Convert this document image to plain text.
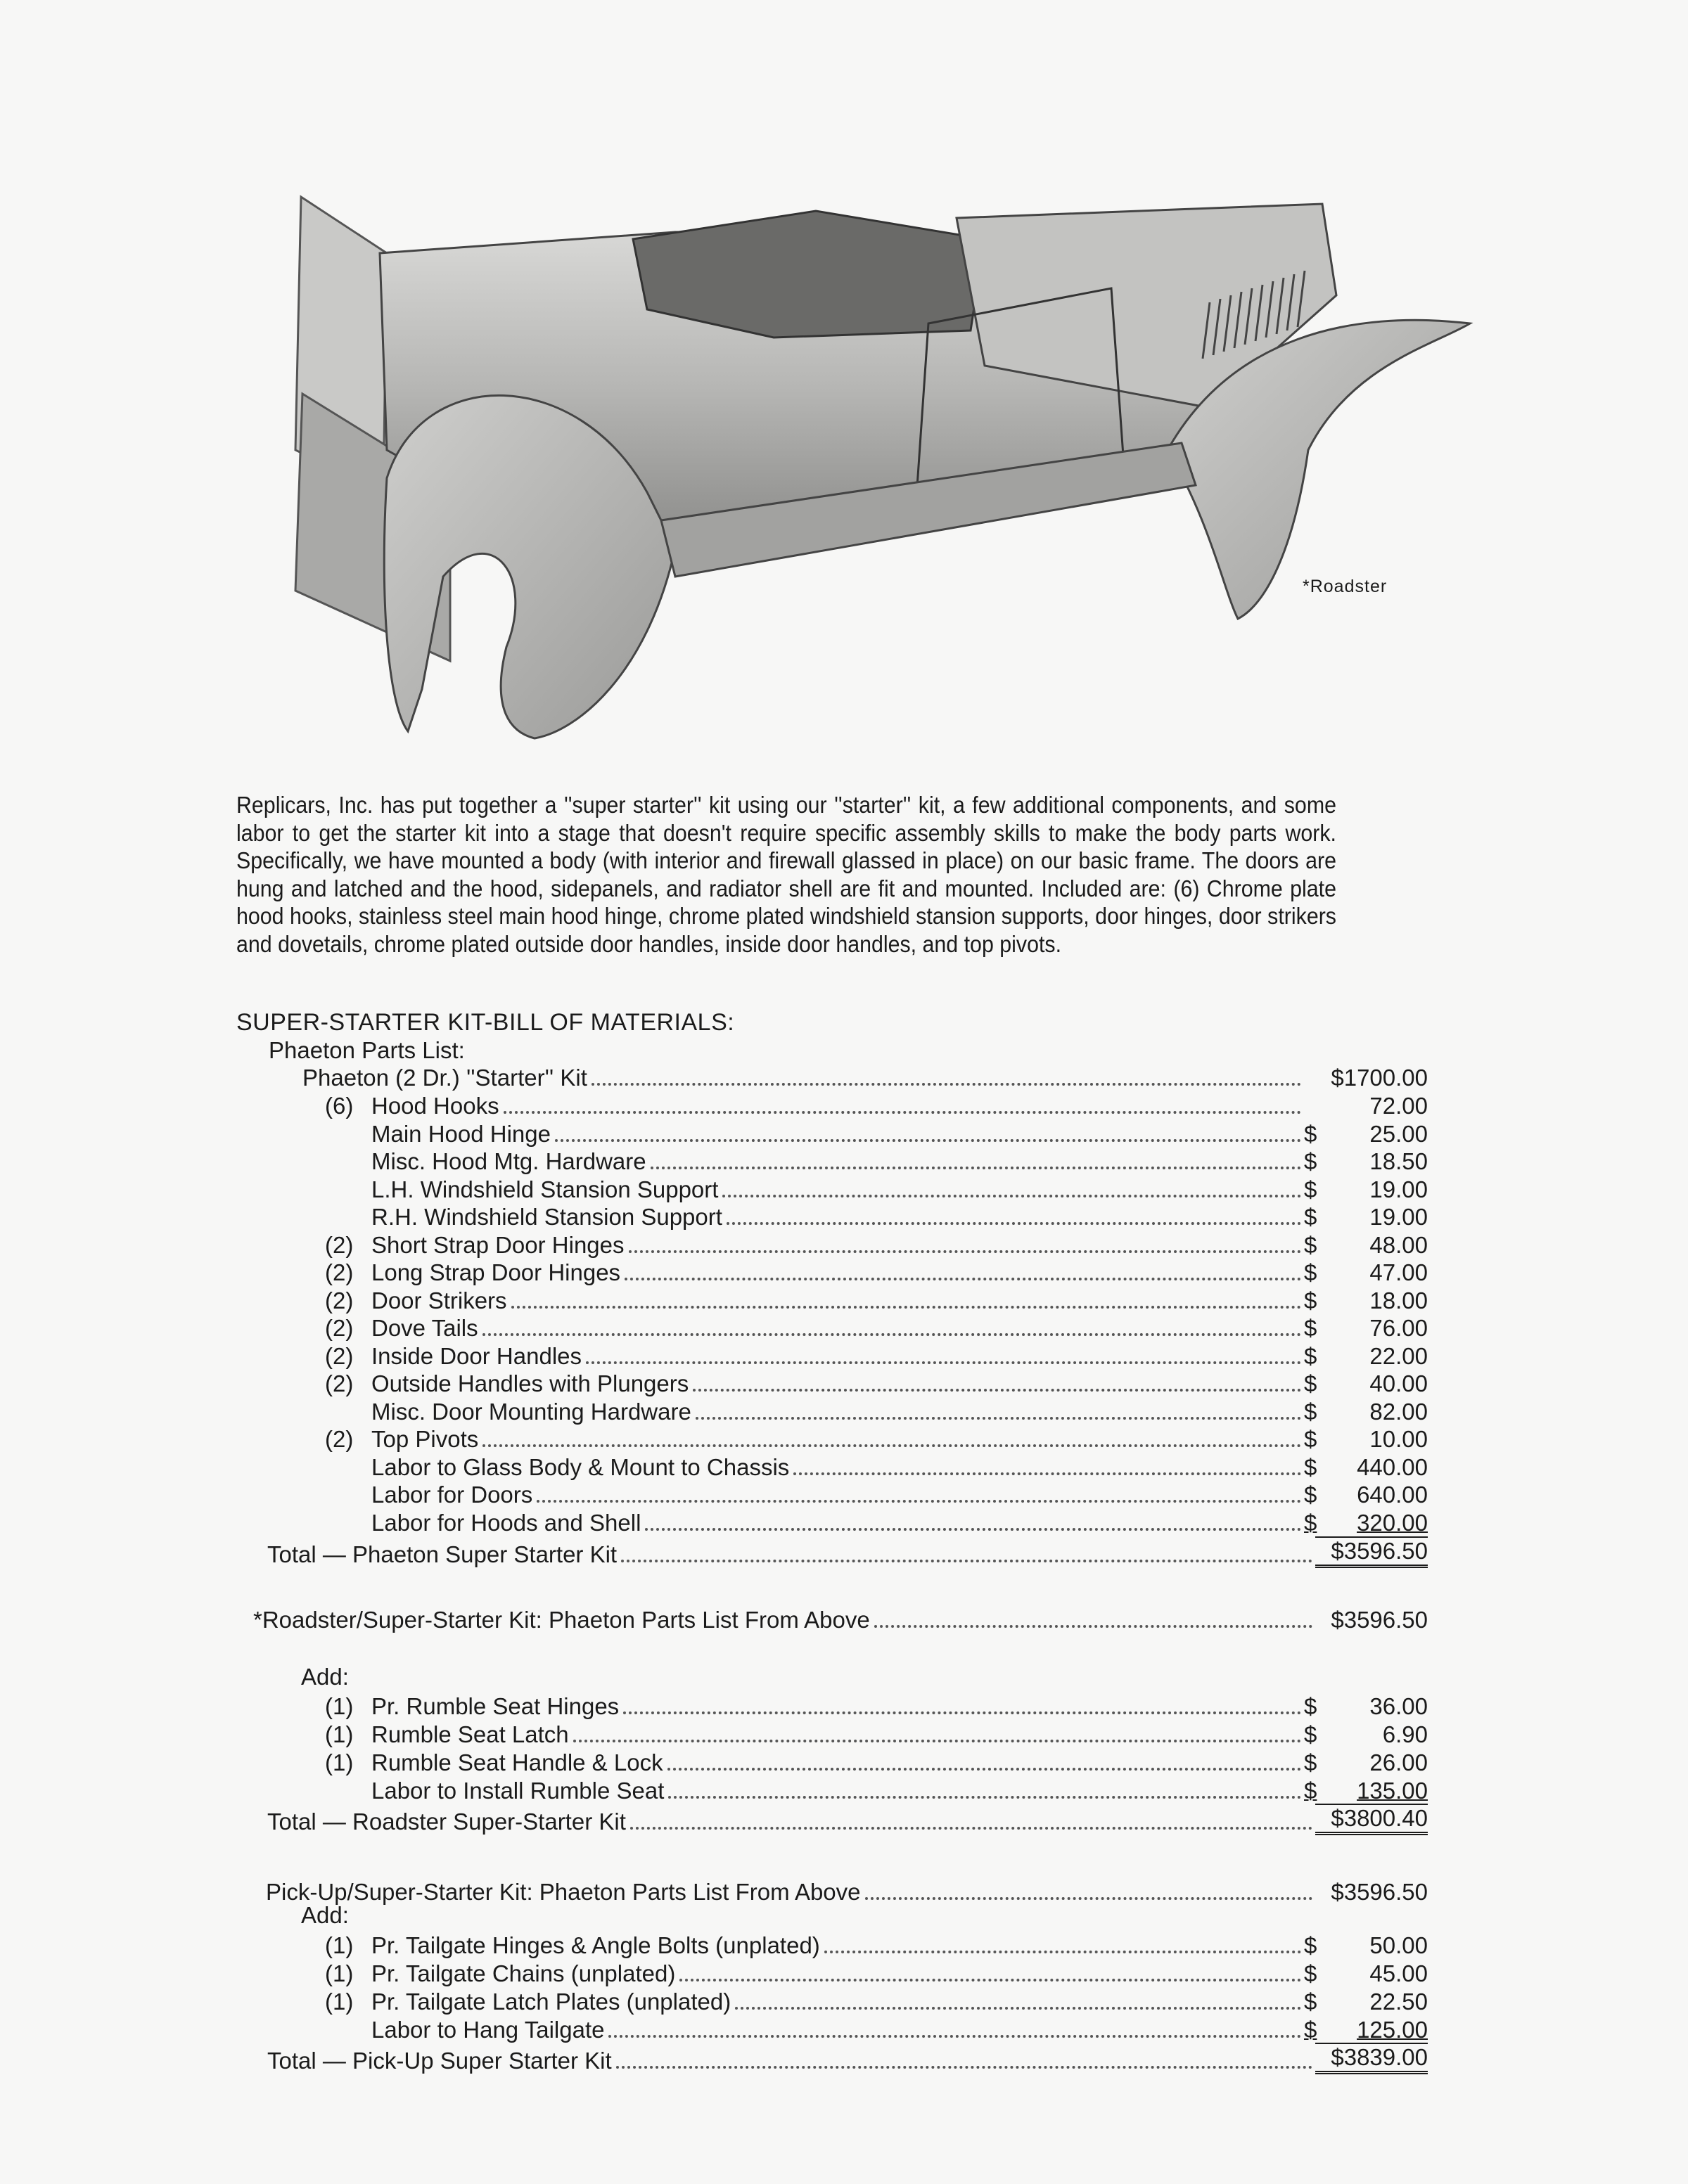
*Roadster

Replicars, Inc. has put together a ''super starter'' kit using our ''starter'' kit, a few additional components, and some labor to get the starter kit into a stage that doesn't require specific assembly skills to make the body parts work. Specifically, we have mounted a body (with interior and firewall glassed in place) on our basic frame. The doors are hung and latched and the hood, sidepanels, and radiator shell are fit and mounted. Included are: (6) Chrome plate hood hooks, stainless steel main hood hinge, chrome plated windshield stansion supports, door hinges, door strikers and dovetails, chrome plated outside door handles, inside door handles, and top pivots.

SUPER-STARTER KIT-BILL OF MATERIALS:
Phaeton Parts List:
Phaeton (2 Dr.) ''Starter'' Kit	$1700.00
(6) Hood Hooks	72.00
Main Hood Hinge	$	25.00
Misc. Hood Mtg. Hardware	$	18.50
L.H. Windshield Stansion Support	$	19.00
R.H. Windshield Stansion Support	$	19.00
(2) Short Strap Door Hinges	$	48.00
(2) Long Strap Door Hinges	$	47.00
(2) Door Strikers	$	18.00
(2) Dove Tails	$	76.00
(2) Inside Door Handles	$	22.00
(2) Outside Handles with Plungers	$	40.00
Misc. Door Mounting Hardware	$	82.00
(2) Top Pivots	$	10.00
Labor to Glass Body & Mount to Chassis	$	440.00
Labor for Doors	$	640.00
Labor for Hoods and Shell	$	320.00
Total — Phaeton Super Starter Kit	$3596.50
*Roadster/Super-Starter Kit: Phaeton Parts List From Above	$3596.50
Add:
(1) Pr. Rumble Seat Hinges	$	36.00
(1) Rumble Seat Latch	$	6.90
(1) Rumble Seat Handle & Lock	$	26.00
Labor to Install Rumble Seat	$	135.00
Total — Roadster Super-Starter Kit	$3800.40
Pick-Up/Super-Starter Kit: Phaeton Parts List From Above	$3596.50
Add:
(1) Pr. Tailgate Hinges & Angle Bolts (unplated)	$	50.00
(1) Pr. Tailgate Chains (unplated)	$	45.00
(1) Pr. Tailgate Latch Plates (unplated)	$	22.50
Labor to Hang Tailgate	$	125.00
Total — Pick-Up Super Starter Kit	$3839.00
